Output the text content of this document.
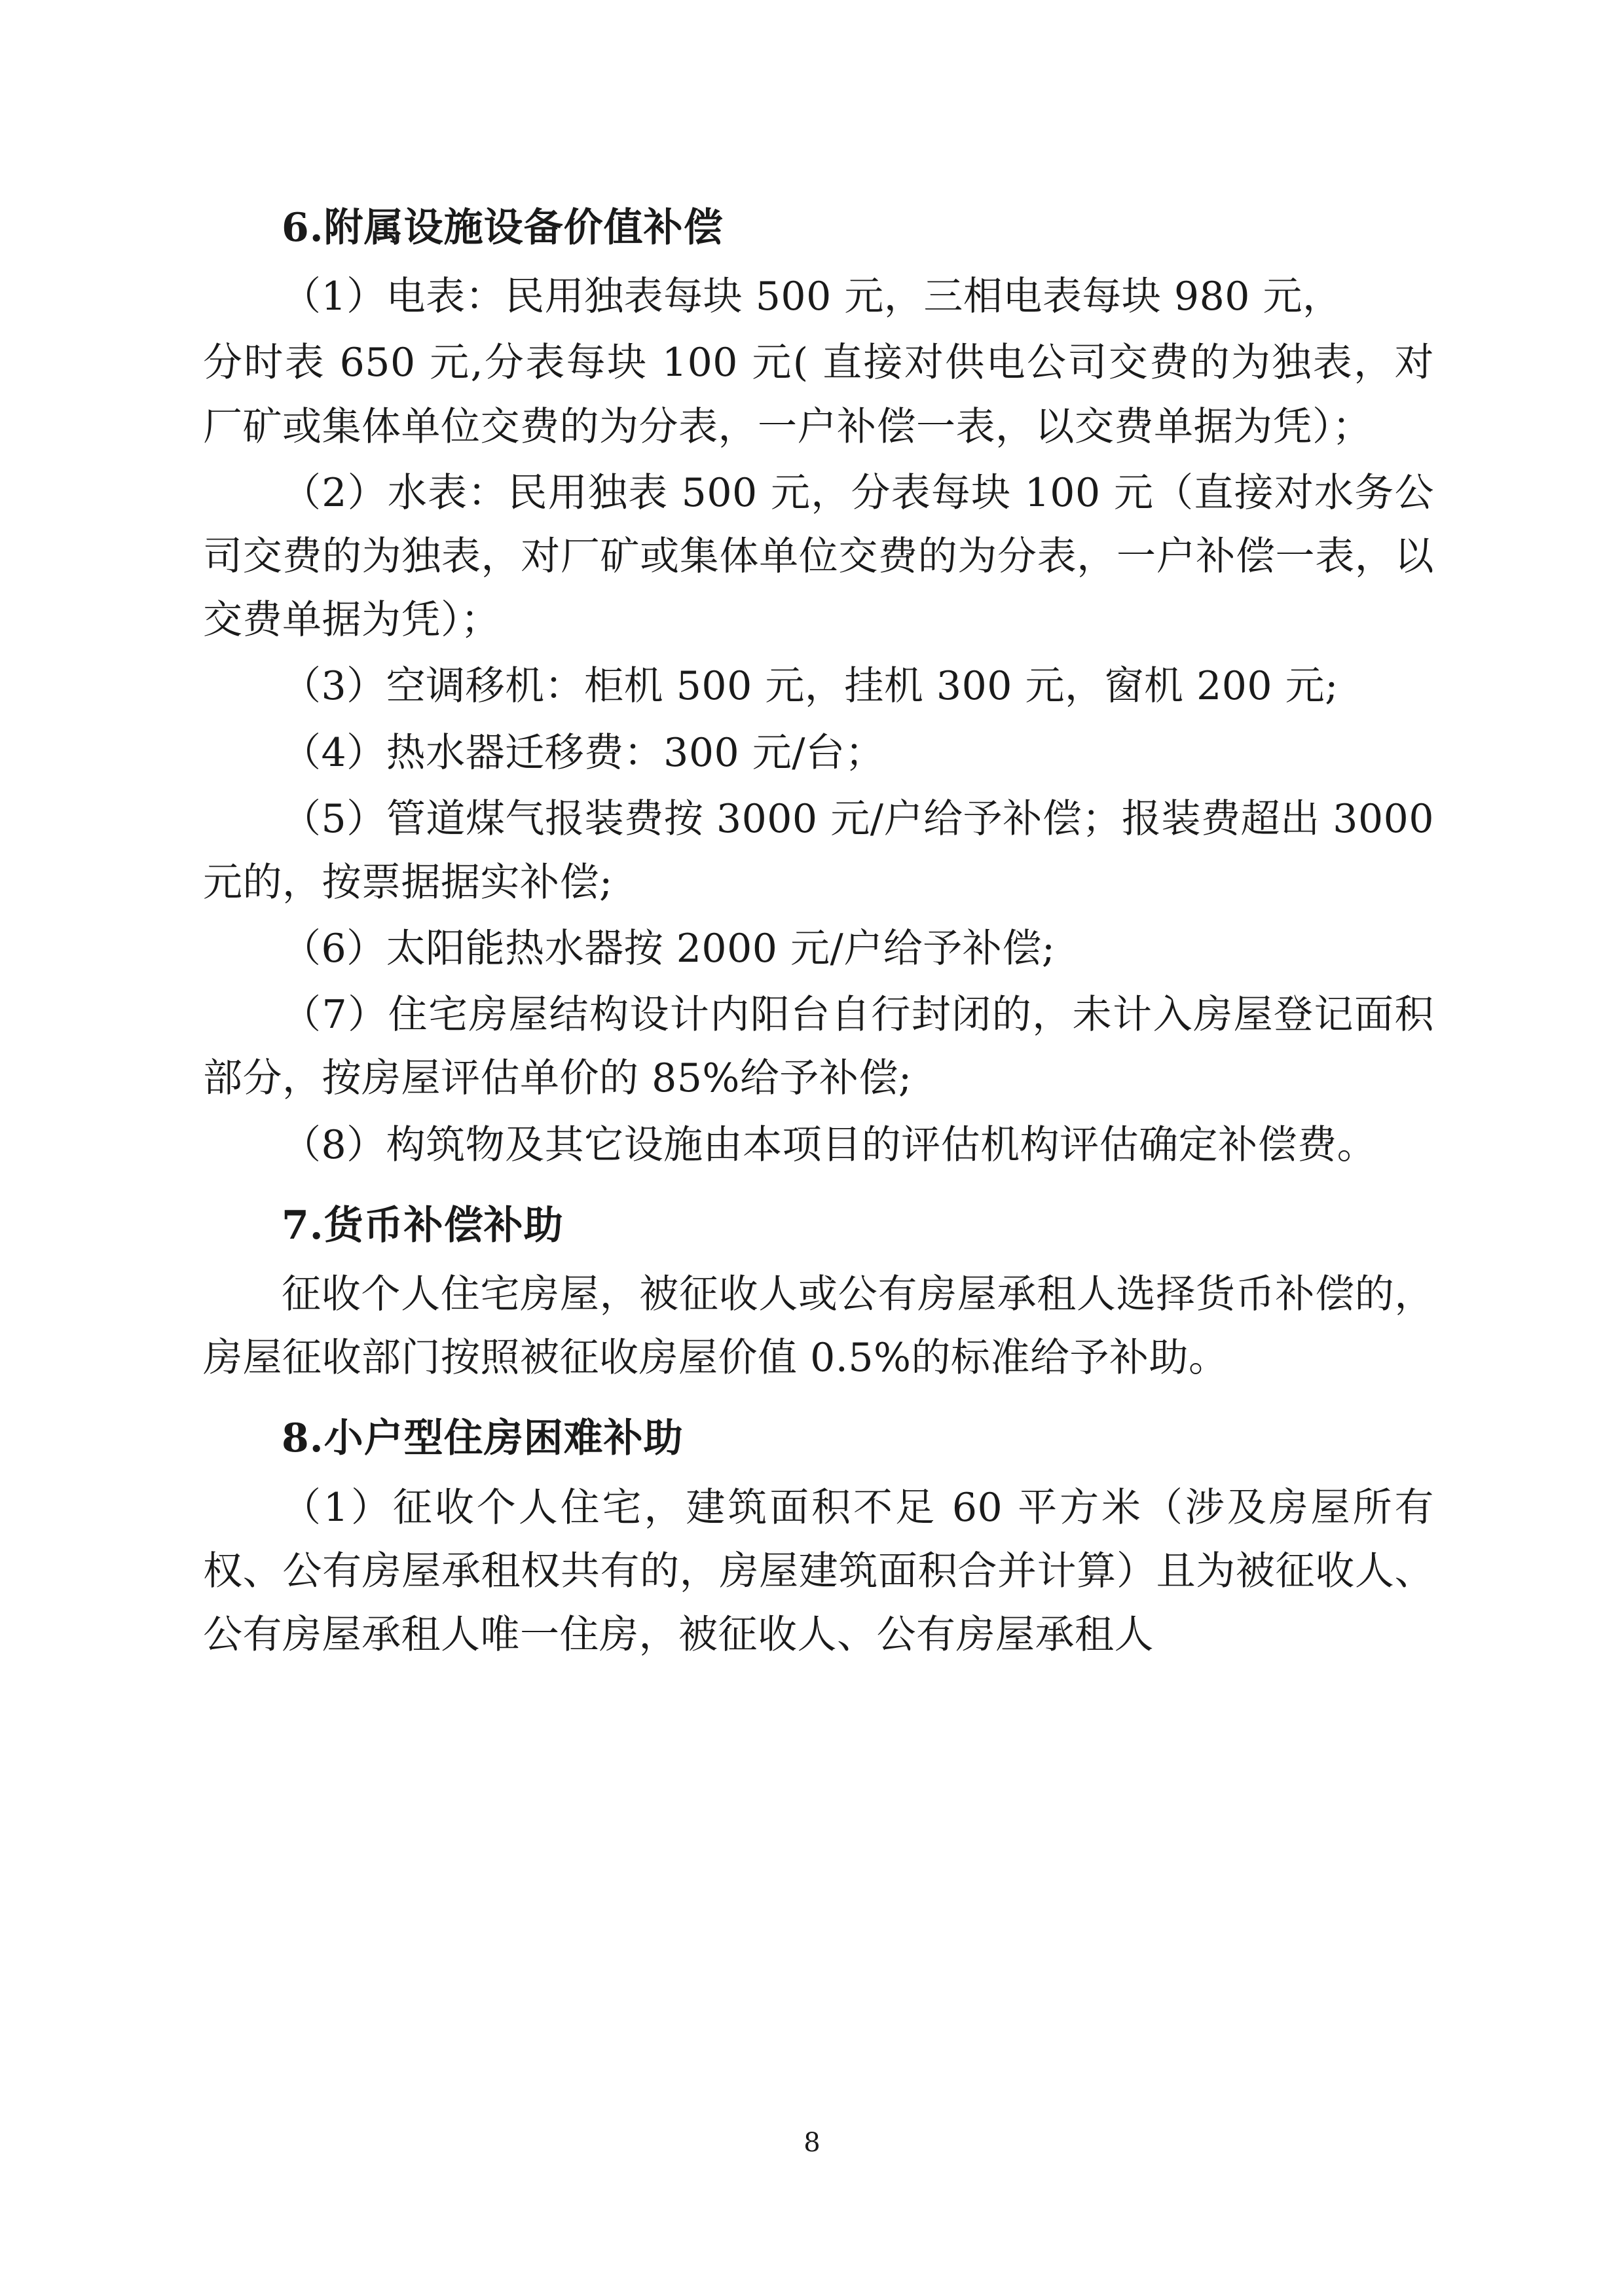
6.附属设施设备价值补偿

（1）电表：民用独表每块 500 元，三相电表每块 980 元，

分时表 650 元,分表每块 100 元( 直接对供电公司交费的为独表，对厂矿或集体单位交费的为分表，一户补偿一表，以交费单据为凭）；

（2）水表：民用独表 500 元，分表每块 100 元（直接对水务公司交费的为独表，对厂矿或集体单位交费的为分表，一户补偿一表，以交费单据为凭）；

（3）空调移机：柜机 500 元，挂机 300 元，窗机 200 元;

（4）热水器迁移费：300 元/台；

（5）管道煤气报装费按 3000 元/户给予补偿；报装费超出 3000 元的，按票据据实补偿;

（6）太阳能热水器按 2000 元/户给予补偿;

（7）住宅房屋结构设计内阳台自行封闭的，未计入房屋登记面积部分，按房屋评估单价的 85%给予补偿;

（8）构筑物及其它设施由本项目的评估机构评估确定补偿费。

7.货币补偿补助

征收个人住宅房屋，被征收人或公有房屋承租人选择货币补偿的，房屋征收部门按照被征收房屋价值 0.5%的标准给予补助。

8.小户型住房困难补助

（1）征收个人住宅，建筑面积不足 60 平方米（涉及房屋所有权、公有房屋承租权共有的，房屋建筑面积合并计算）且为被征收人、公有房屋承租人唯一住房，被征收人、公有房屋承租人

8
